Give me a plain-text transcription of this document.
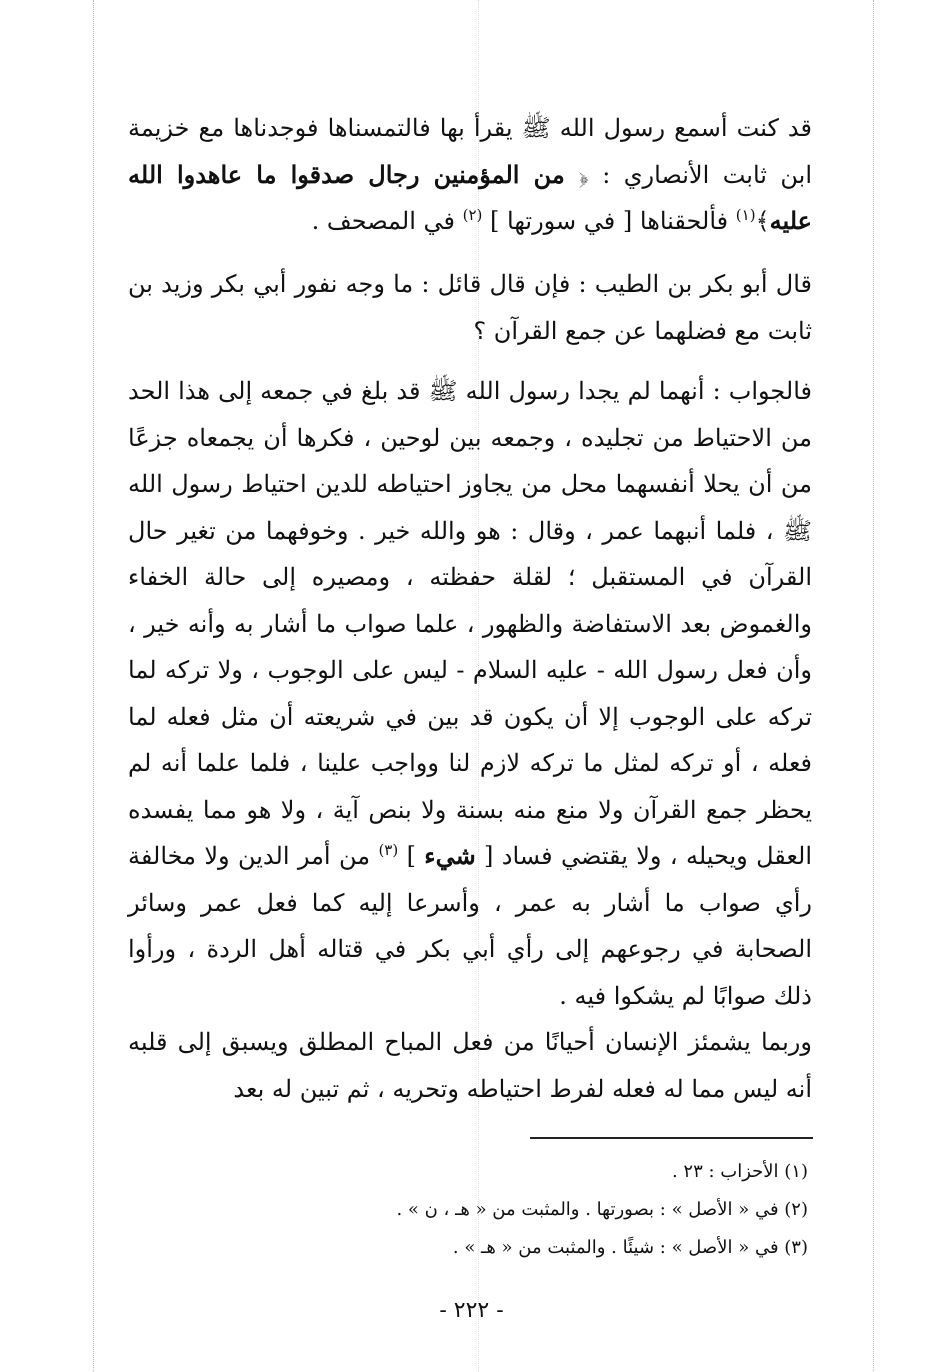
قد كنت أسمع رسول الله ﷺ يقرأ بها فالتمسناها فوجدناها مع خزيمة ابن ثابت الأنصاري : ﴿ من المؤمنين رجال صدقوا ما عاهدوا الله عليه﴾$^{(١)}$ فألحقناها [ في سورتها ] $^{(٢)}$ في المصحف .

قال أبو بكر بن الطيب : فإن قال قائل : ما وجه نفور أبي بكر وزيد بن ثابت مع فضلهما عن جمع القرآن ؟

فالجواب : أنهما لم يجدا رسول الله ﷺ قد بلغ في جمعه إلى هذا الحد من الاحتياط من تجليده ، وجمعه بين لوحين ، فكرها أن يجمعاه جزعًا من أن يحلا أنفسهما محل من يجاوز احتياطه للدين احتياط رسول الله ﷺ ، فلما أنبهما عمر ، وقال : هو والله خير . وخوفهما من تغير حال القرآن في المستقبل ؛ لقلة حفظته ، ومصيره إلى حالة الخفاء والغموض بعد الاستفاضة والظهور ، علما صواب ما أشار به وأنه خير ، وأن فعل رسول الله - عليه السلام - ليس على الوجوب ، ولا تركه لما تركه على الوجوب إلا أن يكون قد بين في شريعته أن مثل فعله لما فعله ، أو تركه لمثل ما تركه لازم لنا وواجب علينا ، فلما علما أنه لم يحظر جمع القرآن ولا منع منه بسنة ولا بنص آية ، ولا هو مما يفسده العقل ويحيله ، ولا يقتضي فساد [ شيء ] $^{(٣)}$ من أمر الدين ولا مخالفة رأي صواب ما أشار به عمر ، وأسرعا إليه كما فعل عمر وسائر الصحابة في رجوعهم إلى رأي أبي بكر في قتاله أهل الردة ، ورأوا ذلك صوابًا لم يشكوا فيه .

وربما يشمئز الإنسان أحيانًا من فعل المباح المطلق ويسبق إلى قلبه أنه ليس مما له فعله لفرط احتياطه وتحريه ، ثم تبين له بعد

(١) الأحزاب : ٢٣ .
(٢) في « الأصل » : بصورتها . والمثبت من « هـ ، ن » .
(٣) في « الأصل » : شيئًا . والمثبت من « هـ » .
- ٢٢٢ -
